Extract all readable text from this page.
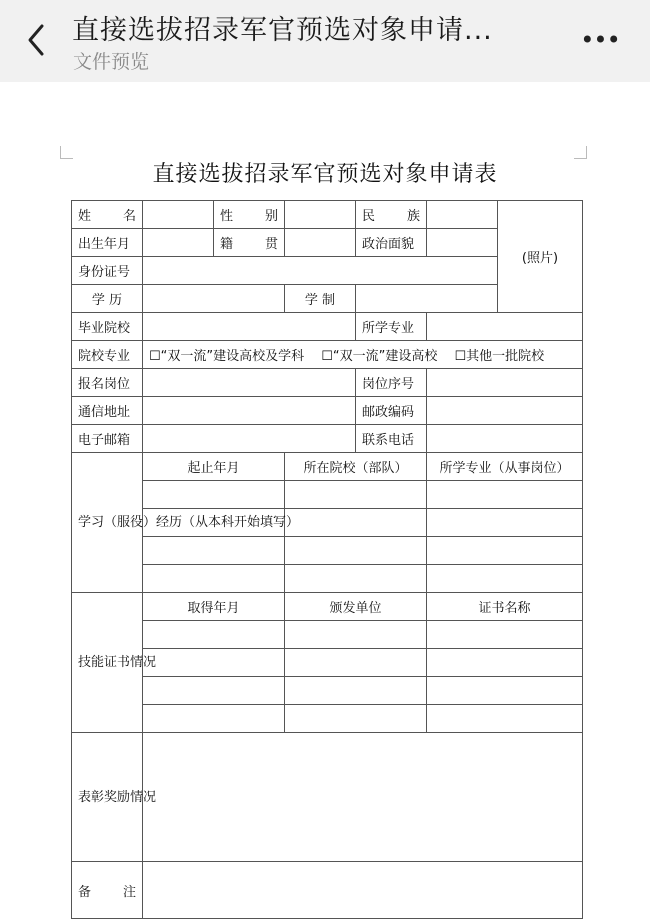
直接选拔招录军官预选对象申请...
文件预览
•••
直接选拔招录军官预选对象申请表
姓 名		性 别		民 族		(照片)
出生年月		籍 贯		政治面貌		
身份证号						
学 历			学 制			
毕业院校				所学专业		
院校专业	☐“双一流”建设高校及学科 ☐“双一流”建设高校 ☐其他一批院校					
报名岗位				岗位序号		
通信地址				邮政编码		
电子邮箱				联系电话		
学习（服役）经历（从本科开始填写）	起止年月		所在院校（部队）		所学专业（从事岗位）	

技能证书情况	取得年月		颁发单位		证书名称	

表彰奖励情况						
备 注						
